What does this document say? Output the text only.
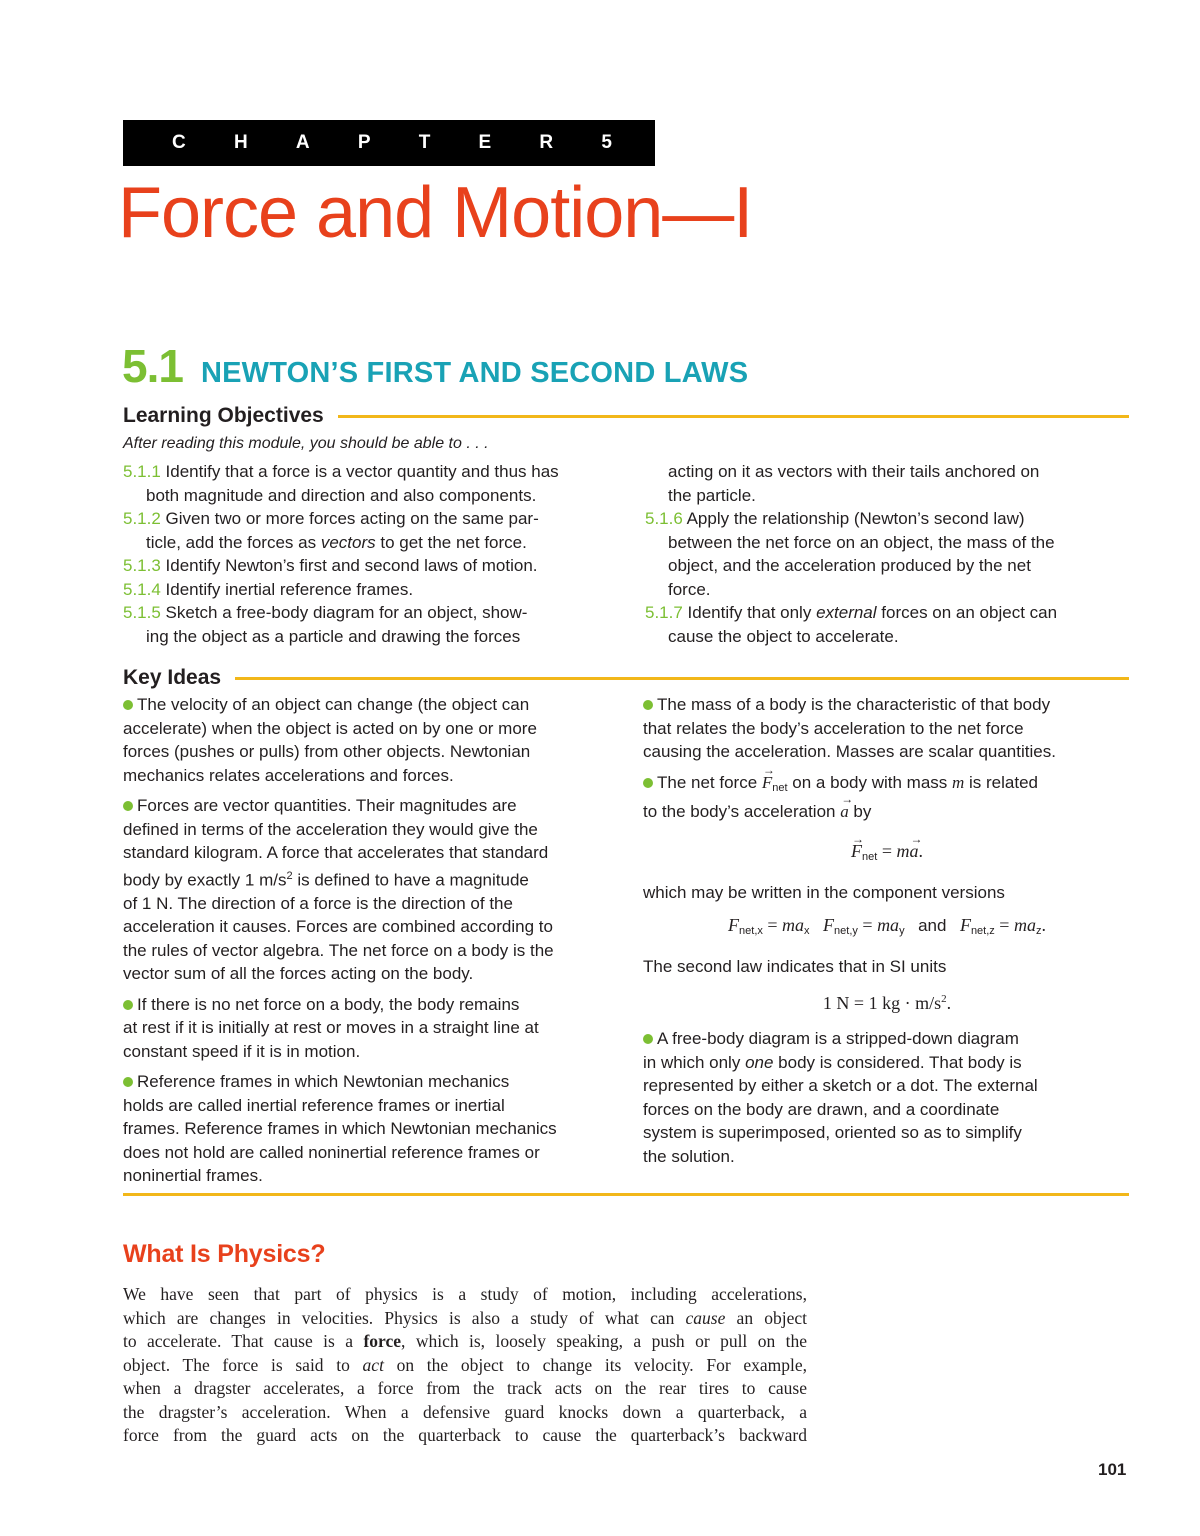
C	H	A	P	T	E	R	5
Force and Motion—I
5.1 NEWTON’S FIRST AND SECOND LAWS
Learning Objectives
After reading this module, you should be able to . . .

5.1.1 Identify that a force is a vector quantity and thus has
both magnitude and direction and also components.

5.1.2 Given two or more forces acting on the same par-
ticle, add the forces as vectors to get the net force.

5.1.3 Identify Newton’s first and second laws of motion.

5.1.4 Identify inertial reference frames.

5.1.5 Sketch a free-body diagram for an object, show-
ing the object as a particle and drawing the forces

acting on it as vectors with their tails anchored on
the particle.

5.1.6 Apply the relationship (Newton’s second law)
between the net force on an object, the mass of the
object, and the acceleration produced by the net
force.

5.1.7 Identify that only external forces on an object can
cause the object to accelerate.

Key Ideas

The velocity of an object can change (the object can
accelerate) when the object is acted on by one or more
forces (pushes or pulls) from other objects. Newtonian
mechanics relates accelerations and forces.

Forces are vector quantities. Their magnitudes are
defined in terms of the acceleration they would give the
standard kilogram. A force that accelerates that standard
body by exactly 1 $m/s^2$ is defined to have a magnitude
of 1 N. The direction of a force is the direction of the
acceleration it causes. Forces are combined according to
the rules of vector algebra. The net force on a body is the
vector sum of all the forces acting on the body.

If there is no net force on a body, the body remains
at rest if it is initially at rest or moves in a straight line at
constant speed if it is in motion.

Reference frames in which Newtonian mechanics
holds are called inertial reference frames or inertial
frames. Reference frames in which Newtonian mechanics
does not hold are called noninertial reference frames or
noninertial frames.

The mass of a body is the characteristic of that body
that relates the body’s acceleration to the net force
causing the acceleration. Masses are scalar quantities.

The net force → $F_{net}$ on a body with mass m is related
to the body’s acceleration → a by

→ $F_{net} = m\to a$.

which may be written in the component versions

$F_{net,x} = ma_x$ $F_{net,y} = ma_y$ and $F_{net,z} = ma_z$.

The second law indicates that in SI units

1 N = 1 kg · $m/s^2$.

A free-body diagram is a stripped-down diagram
in which only one body is considered. That body is
represented by either a sketch or a dot. The external
forces on the body are drawn, and a coordinate
system is superimposed, oriented so as to simplify
the solution.

What Is Physics?
We have seen that part of physics is a study of motion, including accelerations,
which are changes in velocities. Physics is also a study of what can cause an object
to accelerate. That cause is a force, which is, loosely speaking, a push or pull on the
object. The force is said to act on the object to change its velocity. For example,
when a dragster accelerates, a force from the track acts on the rear tires to cause
the dragster’s acceleration. When a defensive guard knocks down a quarterback, a
force from the guard acts on the quarterback to cause the quarterback’s backward
101
